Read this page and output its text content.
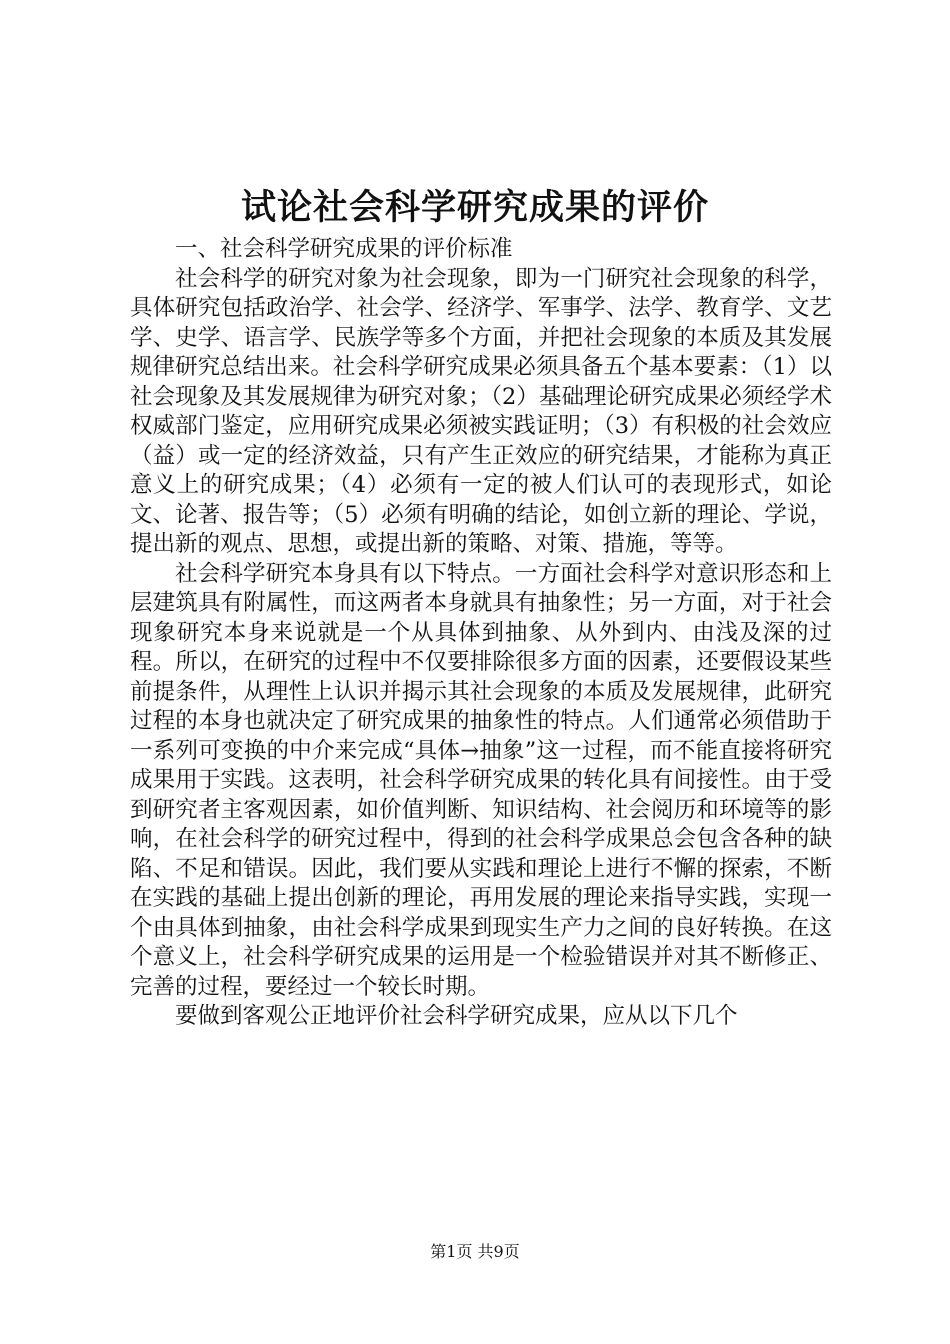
试论社会科学研究成果的评价

一、社会科学研究成果的评价标准

社会科学的研究对象为社会现象，即为一门研究社会现象的科学，具体研究包括政治学、社会学、经济学、军事学、法学、教育学、文艺学、史学、语言学、民族学等多个方面，并把社会现象的本质及其发展规律研究总结出来。社会科学研究成果必须具备五个基本要素：（1）以社会现象及其发展规律为研究对象；（2）基础理论研究成果必须经学术权威部门鉴定，应用研究成果必须被实践证明；（3）有积极的社会效应（益）或一定的经济效益，只有产生正效应的研究结果，才能称为真正意义上的研究成果；（4）必须有一定的被人们认可的表现形式，如论文、论著、报告等；（5）必须有明确的结论，如创立新的理论、学说，提出新的观点、思想，或提出新的策略、对策、措施，等等。

社会科学研究本身具有以下特点。一方面社会科学对意识形态和上层建筑具有附属性，而这两者本身就具有抽象性；另一方面，对于社会现象研究本身来说就是一个从具体到抽象、从外到内、由浅及深的过程。所以，在研究的过程中不仅要排除很多方面的因素，还要假设某些前提条件，从理性上认识并揭示其社会现象的本质及发展规律，此研究过程的本身也就决定了研究成果的抽象性的特点。人们通常必须借助于一系列可变换的中介来完成“具体→抽象”这一过程，而不能直接将研究成果用于实践。这表明，社会科学研究成果的转化具有间接性。由于受到研究者主客观因素，如价值判断、知识结构、社会阅历和环境等的影响，在社会科学的研究过程中，得到的社会科学成果总会包含各种的缺陷、不足和错误。因此，我们要从实践和理论上进行不懈的探索，不断在实践的基础上提出创新的理论，再用发展的理论来指导实践，实现一个由具体到抽象，由社会科学成果到现实生产力之间的良好转换。在这个意义上，社会科学研究成果的运用是一个检验错误并对其不断修正、完善的过程，要经过一个较长时期。

要做到客观公正地评价社会科学研究成果，应从以下几个

第1页 共9页
